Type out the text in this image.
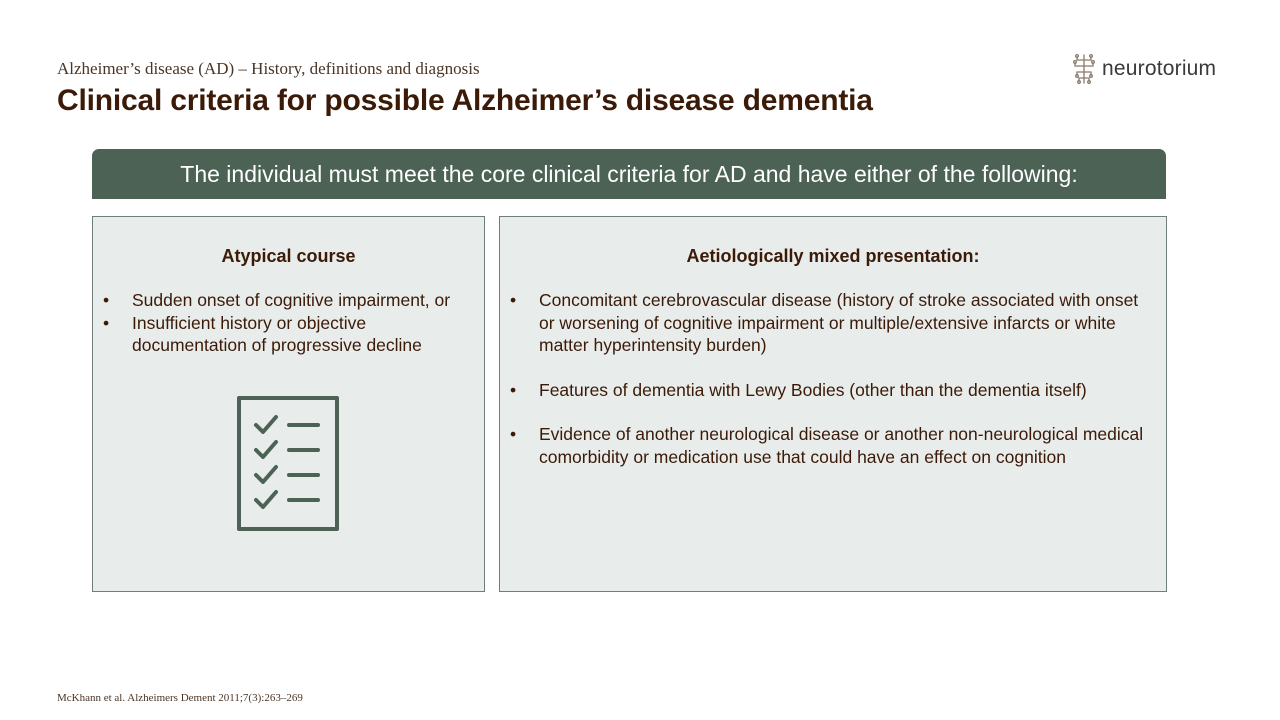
Alzheimer’s disease (AD) – History, definitions and diagnosis
Clinical criteria for possible Alzheimer’s disease dementia
neurotorium
The individual must meet the core clinical criteria for AD and have either of the following:
Atypical course
• Sudden onset of cognitive impairment, or
• Insufficient history or objective documentation of progressive decline
Aetiologically mixed presentation:
• Concomitant cerebrovascular disease (history of stroke associated with onset or worsening of cognitive impairment or multiple/extensive infarcts or white matter hyperintensity burden)
• Features of dementia with Lewy Bodies (other than the dementia itself)
• Evidence of another neurological disease or another non-neurological medical comorbidity or medication use that could have an effect on cognition
McKhann et al. Alzheimers Dement 2011;7(3):263–269
